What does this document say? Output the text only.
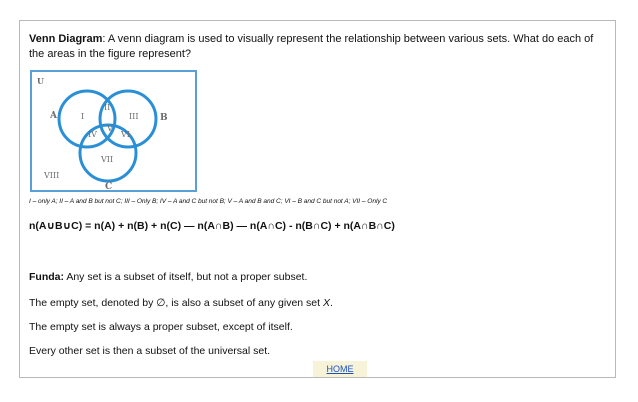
Venn Diagram: A venn diagram is used to visually represent the relationship between various sets. What do each of the areas in the figure represent?
U
A	B
C
I
II
III
IV
V
VI
VII
VIII
I – only A; II – A and B but not C; III – Only B; IV – A and C but not B; V – A and B and C; VI – B and C but not A; VII – Only C
n(A∪B∪C) = n(A) + n(B) + n(C) — n(A∩B) — n(A∩C) - n(B∩C) + n(A∩B∩C)
Funda: Any set is a subset of itself, but not a proper subset.
The empty set, denoted by ∅, is also a subset of any given set X.
The empty set is always a proper subset, except of itself.
Every other set is then a subset of the universal set.
HOME
